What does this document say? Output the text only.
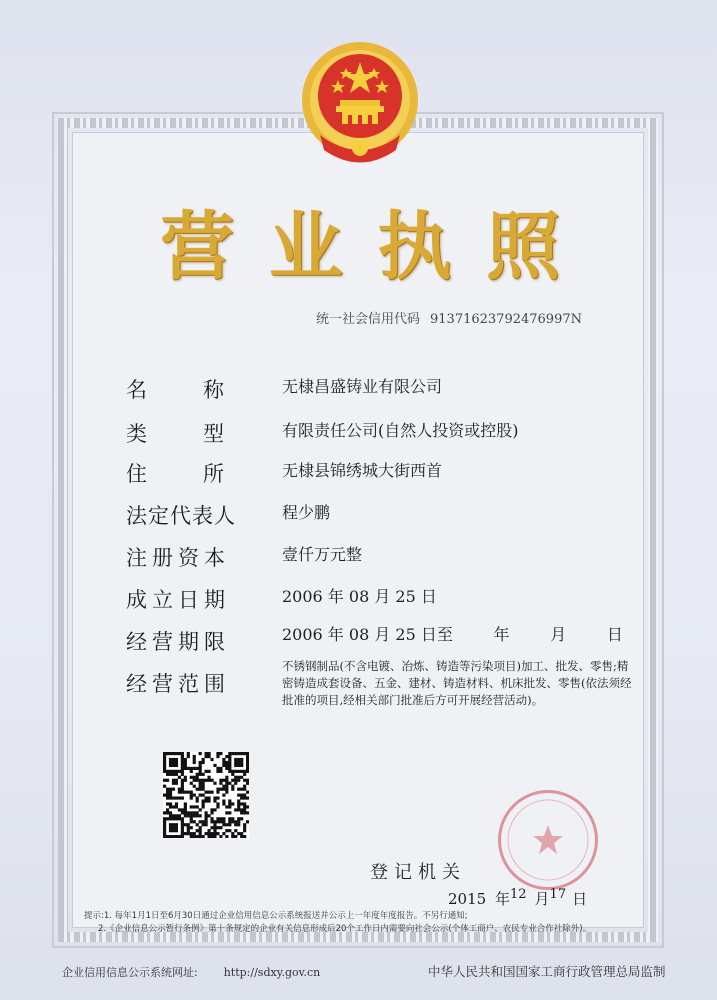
营 业 执 照
统一社会信用代码 91371623792476997N
名	称	无棣昌盛铸业有限公司
类	型	有限责任公司(自然人投资或控股)
住	所	无棣县锦绣城大街西首
法定代表人	程少鹏
注册资本	壹仟万元整
成立日期	2006 年 08 月 25 日
经营期限	2006 年 08 月 25 日至        年        月        日
经营范围
不锈钢制品(不含电镀、冶炼、铸造等污染项目)加工、批发、零售;精密铸造成套设备、五金、建材、铸造材料、机床批发、零售(依法须经批准的项目,经相关部门批准后方可开展经营活动)。
登记机关
2015 年12 月17 日
提示:1. 每年1月1日至6月30日通过企业信用信息公示系统报送并公示上一年度年度报告。不另行通知;
2.《企业信息公示暂行条例》第十条规定的企业有关信息形成后20个工作日内需要向社会公示(个体工商户、农民专业合作社除外)。
企业信用信息公示系统网址: http://sdxy.gov.cn	中华人民共和国国家工商行政管理总局监制
